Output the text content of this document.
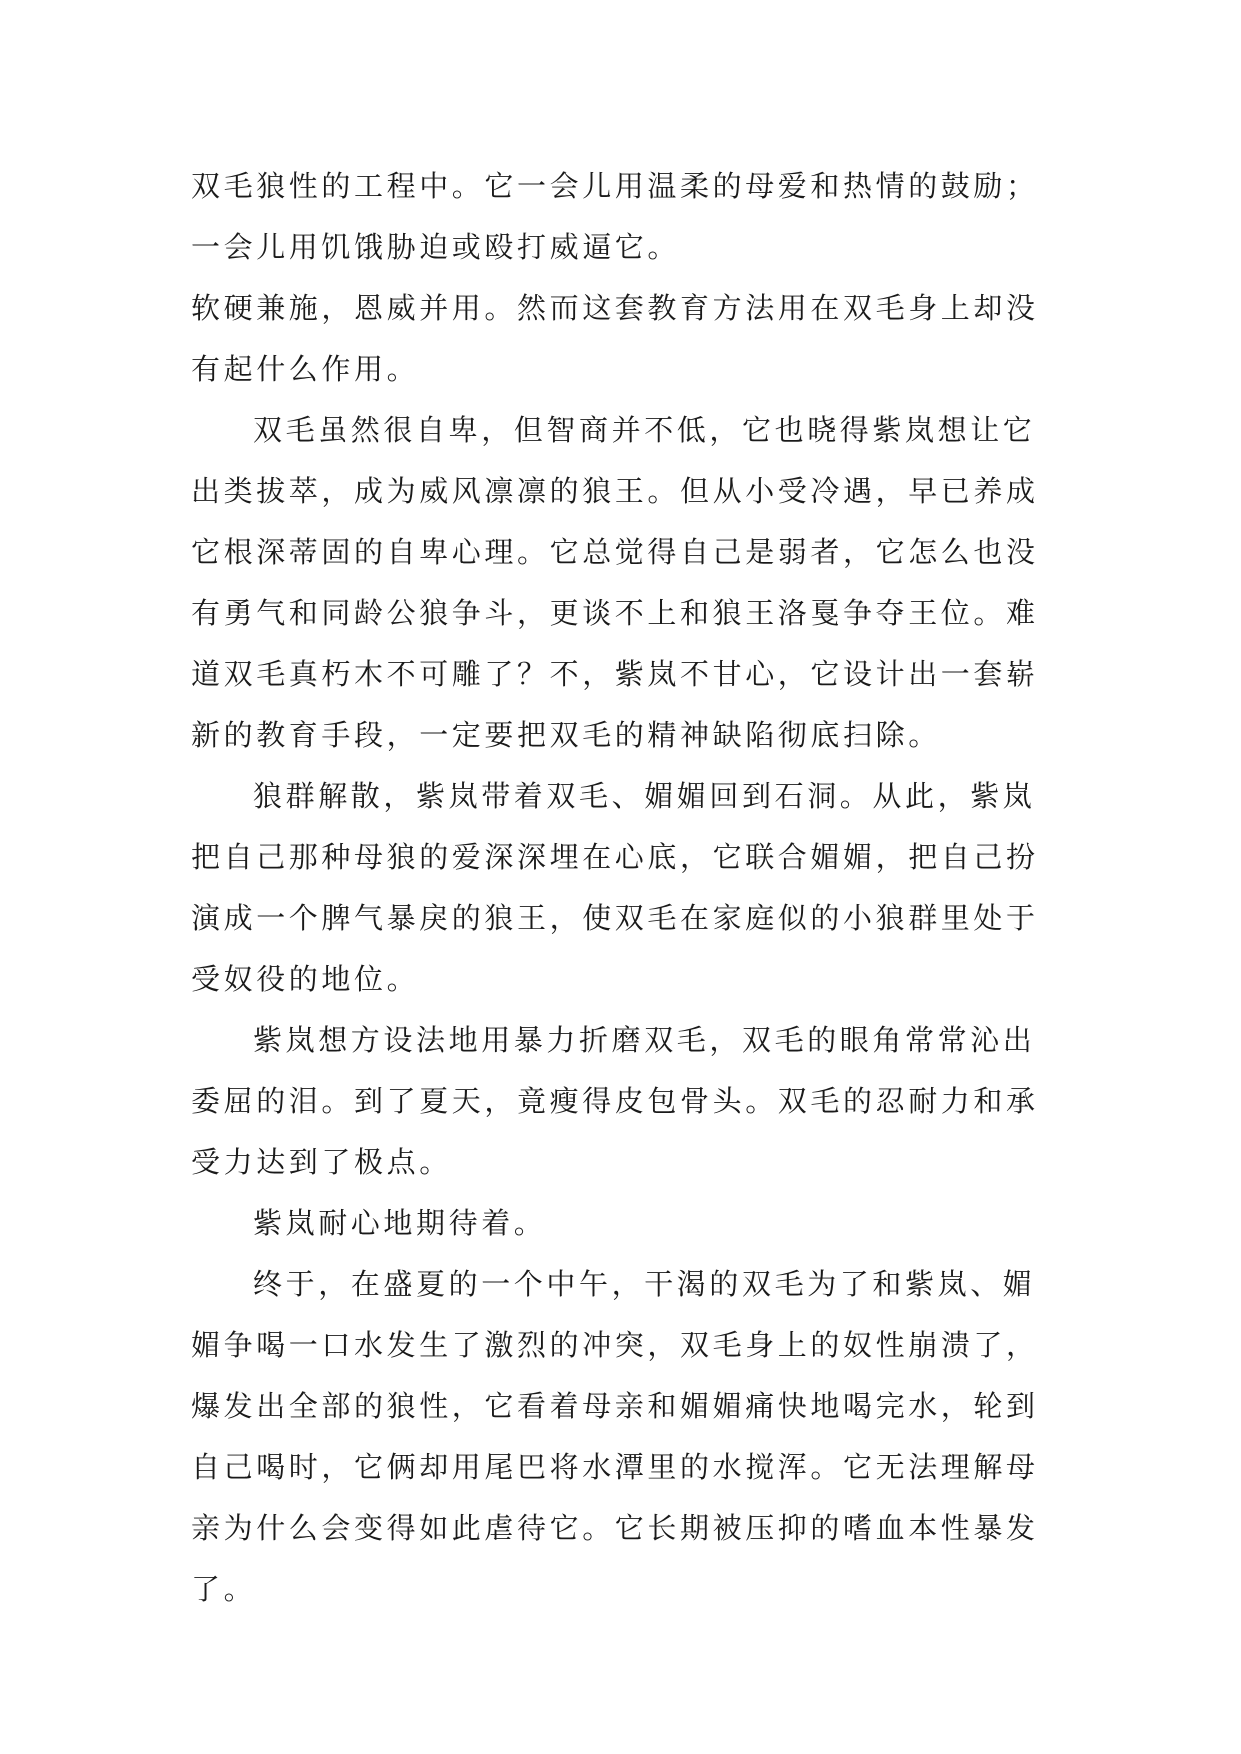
双毛狼性的工程中。它一会儿用温柔的母爱和热情的鼓励；
一会儿用饥饿胁迫或殴打威逼它。
软硬兼施，恩威并用。然而这套教育方法用在双毛身上却没
有起什么作用。
双毛虽然很自卑，但智商并不低，它也晓得紫岚想让它
出类拔萃，成为威风凛凛的狼王。但从小受冷遇，早已养成
它根深蒂固的自卑心理。它总觉得自己是弱者，它怎么也没
有勇气和同龄公狼争斗，更谈不上和狼王洛戛争夺王位。难
道双毛真朽木不可雕了？不，紫岚不甘心，它设计出一套崭
新的教育手段，一定要把双毛的精神缺陷彻底扫除。
狼群解散，紫岚带着双毛、媚媚回到石洞。从此，紫岚
把自己那种母狼的爱深深埋在心底，它联合媚媚，把自己扮
演成一个脾气暴戾的狼王，使双毛在家庭似的小狼群里处于
受奴役的地位。
紫岚想方设法地用暴力折磨双毛，双毛的眼角常常沁出
委屈的泪。到了夏天，竟瘦得皮包骨头。双毛的忍耐力和承
受力达到了极点。
紫岚耐心地期待着。
终于，在盛夏的一个中午，干渴的双毛为了和紫岚、媚
媚争喝一口水发生了激烈的冲突，双毛身上的奴性崩溃了，
爆发出全部的狼性，它看着母亲和媚媚痛快地喝完水，轮到
自己喝时，它俩却用尾巴将水潭里的水搅浑。它无法理解母
亲为什么会变得如此虐待它。它长期被压抑的嗜血本性暴发
了。
